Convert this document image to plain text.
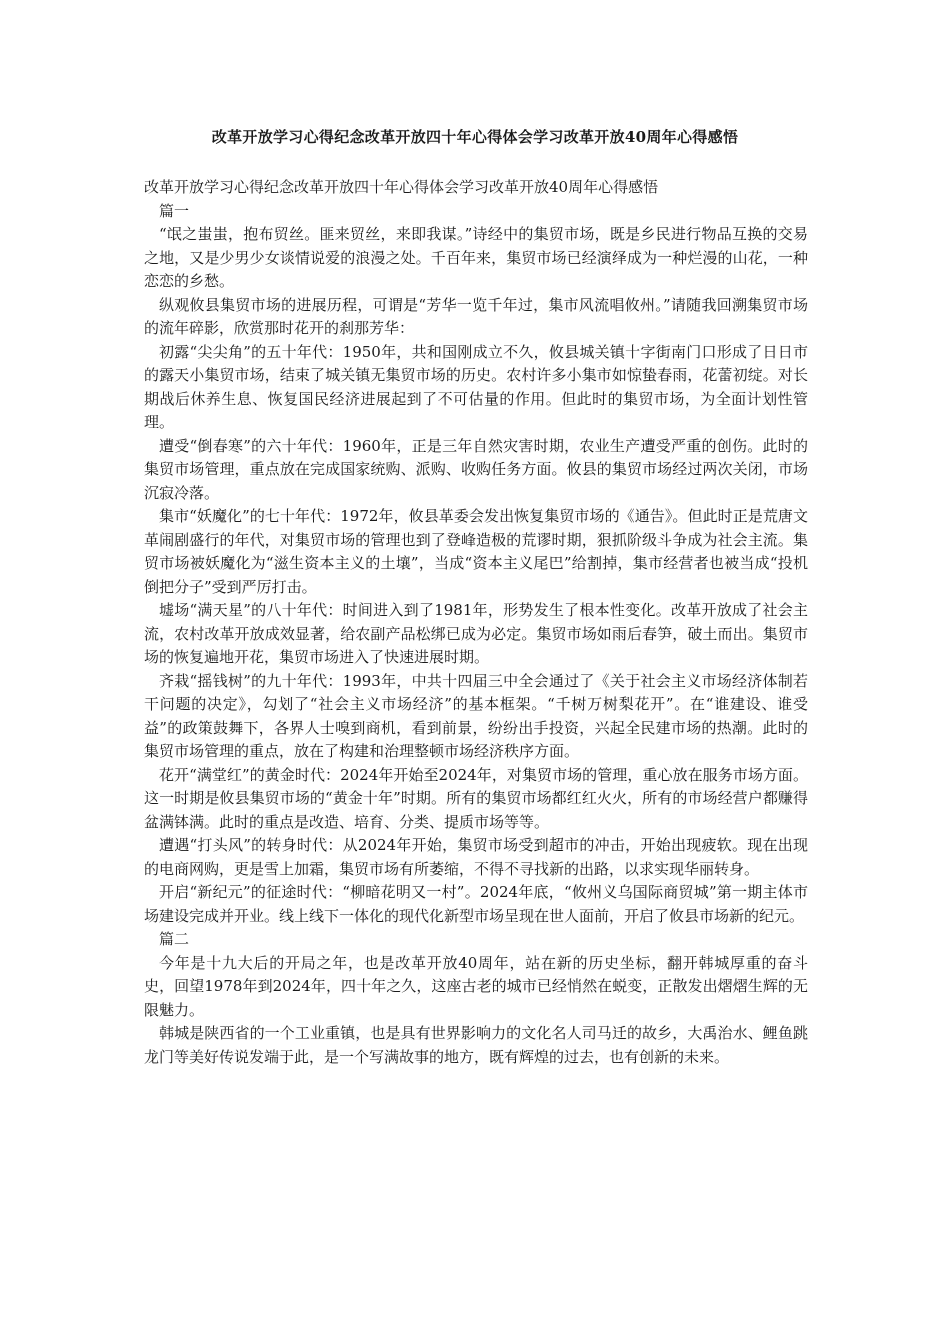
改革开放学习心得纪念改革开放四十年心得体会学习改革开放40周年心得感悟

改革开放学习心得纪念改革开放四十年心得体会学习改革开放40周年心得感悟

篇一

“氓之蚩蚩，抱布贸丝。匪来贸丝，来即我谋。”诗经中的集贸市场，既是乡民进行物品互换的交易之地，又是少男少女谈情说爱的浪漫之处。千百年来，集贸市场已经演绎成为一种烂漫的山花，一种恋恋的乡愁。

纵观攸县集贸市场的进展历程，可谓是“芳华一览千年过，集市风流唱攸州。”请随我回溯集贸市场的流年碎影，欣赏那时花开的刹那芳华：

初露“尖尖角”的五十年代：1950年，共和国刚成立不久，攸县城关镇十字街南门口形成了日日市的露天小集贸市场，结束了城关镇无集贸市场的历史。农村许多小集市如惊蛰春雨，花蕾初绽。对长期战后休养生息、恢复国民经济进展起到了不可估量的作用。但此时的集贸市场，为全面计划性管理。

遭受“倒春寒”的六十年代：1960年，正是三年自然灾害时期，农业生产遭受严重的创伤。此时的集贸市场管理，重点放在完成国家统购、派购、收购任务方面。攸县的集贸市场经过两次关闭，市场沉寂冷落。

集市“妖魔化”的七十年代：1972年，攸县革委会发出恢复集贸市场的《通告》。但此时正是荒唐文革闹剧盛行的年代，对集贸市场的管理也到了登峰造极的荒谬时期，狠抓阶级斗争成为社会主流。集贸市场被妖魔化为“滋生资本主义的土壤”，当成“资本主义尾巴”给割掉，集市经营者也被当成“投机倒把分子”受到严厉打击。

墟场“满天星”的八十年代：时间进入到了1981年，形势发生了根本性变化。改革开放成了社会主流，农村改革开放成效显著，给农副产品松绑已成为必定。集贸市场如雨后春笋，破土而出。集贸市场的恢复遍地开花，集贸市场进入了快速进展时期。

齐栽“摇钱树”的九十年代：1993年，中共十四届三中全会通过了《关于社会主义市场经济体制若干问题的决定》，勾划了“社会主义市场经济”的基本框架。“千树万树梨花开”。在“谁建设、谁受益”的政策鼓舞下，各界人士嗅到商机，看到前景，纷纷出手投资，兴起全民建市场的热潮。此时的集贸市场管理的重点，放在了构建和治理整顿市场经济秩序方面。

花开“满堂红”的黄金时代：2024年开始至2024年，对集贸市场的管理，重心放在服务市场方面。这一时期是攸县集贸市场的“黄金十年”时期。所有的集贸市场都红红火火，所有的市场经营户都赚得盆满钵满。此时的重点是改造、培育、分类、提质市场等等。

遭遇“打头风”的转身时代：从2024年开始，集贸市场受到超市的冲击，开始出现疲软。现在出现的电商网购，更是雪上加霜，集贸市场有所萎缩，不得不寻找新的出路，以求实现华丽转身。

开启“新纪元”的征途时代：“柳暗花明又一村”。2024年底，“攸州义乌国际商贸城”第一期主体市场建设完成并开业。线上线下一体化的现代化新型市场呈现在世人面前，开启了攸县市场新的纪元。

篇二

今年是十九大后的开局之年，也是改革开放40周年，站在新的历史坐标，翻开韩城厚重的奋斗史，回望1978年到2024年，四十年之久，这座古老的城市已经悄然在蜕变，正散发出熠熠生辉的无限魅力。

韩城是陕西省的一个工业重镇，也是具有世界影响力的文化名人司马迁的故乡，大禹治水、鲤鱼跳龙门等美好传说发端于此，是一个写满故事的地方，既有辉煌的过去，也有创新的未来。
